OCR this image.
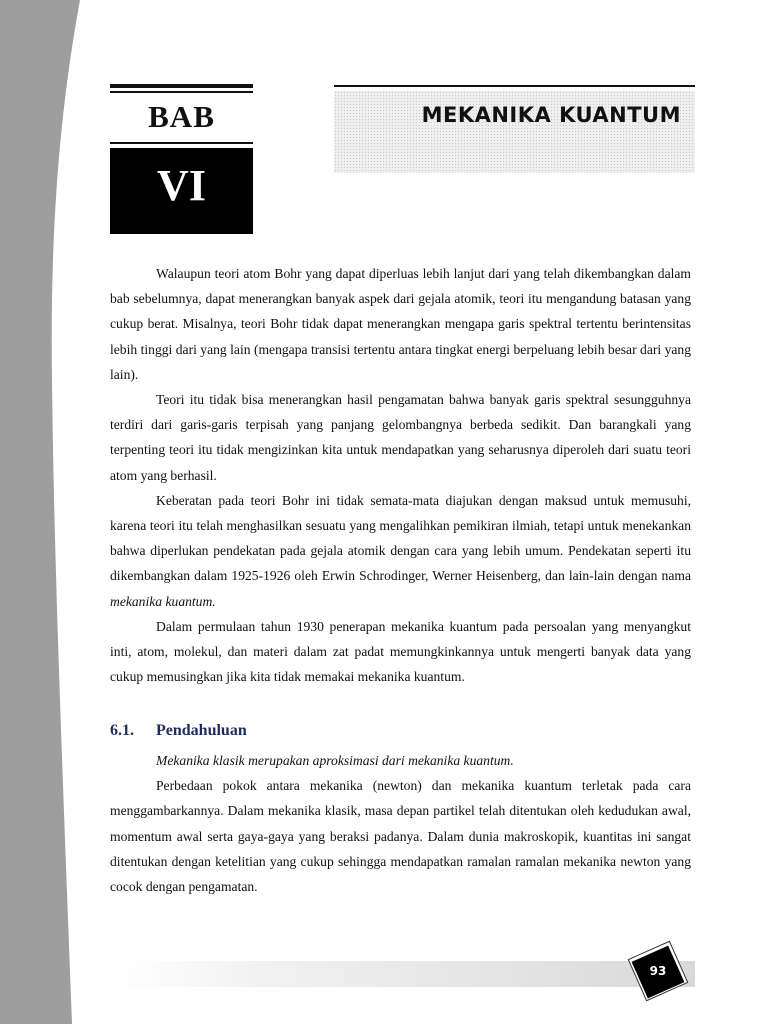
BAB
VI
MEKANIKA KUANTUM

Walaupun teori atom Bohr yang dapat diperluas lebih lanjut dari yang telah dikembangkan dalam bab sebelumnya, dapat menerangkan banyak aspek dari gejala atomik, teori itu mengandung batasan yang cukup berat. Misalnya, teori Bohr tidak dapat menerangkan mengapa garis spektral tertentu berintensitas lebih tinggi dari yang lain (mengapa transisi tertentu antara tingkat energi berpeluang lebih besar dari yang lain).

Teori itu tidak bisa menerangkan hasil pengamatan bahwa banyak garis spektral sesungguhnya terdiri dari garis-garis terpisah yang panjang gelombangnya berbeda sedikit. Dan barangkali yang terpenting teori itu tidak mengizinkan kita untuk mendapatkan yang seharusnya diperoleh dari suatu teori atom yang berhasil.

Keberatan pada teori Bohr ini tidak semata-mata diajukan dengan maksud untuk memusuhi, karena teori itu telah menghasilkan sesuatu yang mengalihkan pemikiran ilmiah, tetapi untuk menekankan bahwa diperlukan pendekatan pada gejala atomik dengan cara yang lebih umum. Pendekatan seperti itu dikembangkan dalam 1925-1926 oleh Erwin Schrodinger, Werner Heisenberg, dan lain-lain dengan nama mekanika kuantum.

Dalam permulaan tahun 1930 penerapan mekanika kuantum pada persoalan yang menyangkut inti, atom, molekul, dan materi dalam zat padat memungkinkannya untuk mengerti banyak data yang cukup memusingkan jika kita tidak memakai mekanika kuantum.

6.1. Pendahuluan

Mekanika klasik merupakan aproksimasi dari mekanika kuantum.

Perbedaan pokok antara mekanika (newton) dan mekanika kuantum terletak pada cara menggambarkannya. Dalam mekanika klasik, masa depan partikel telah ditentukan oleh kedudukan awal, momentum awal serta gaya-gaya yang beraksi padanya. Dalam dunia makroskopik, kuantitas ini sangat ditentukan dengan ketelitian yang cukup sehingga mendapatkan ramalan ramalan mekanika newton yang cocok dengan pengamatan.

93
